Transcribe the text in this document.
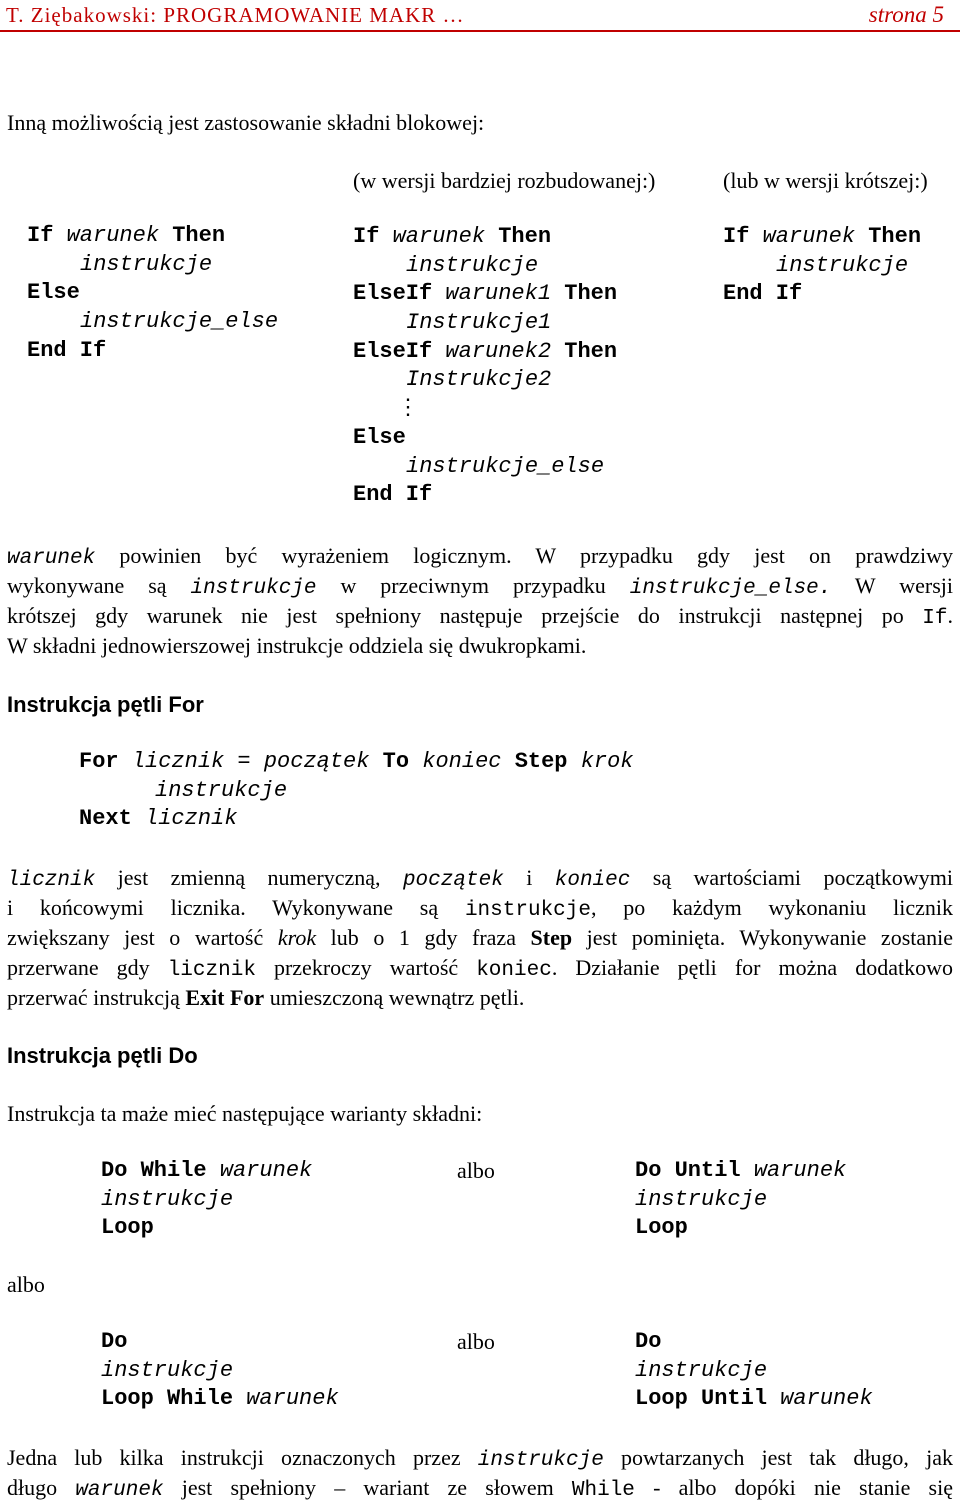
T. Ziębakowski: PROGRAMOWANIE MAKR …	strona 5
Inną możliwością jest zastosowanie składni blokowej:
(w wersji bardziej rozbudowanej:)	(lub w wersji krótszej:)
If warunek Then
instrukcje
Else
instrukcje_else
End If
If warunek Then
instrukcje
ElseIf warunek1 Then
Instrukcje1
ElseIf warunek2 Then
Instrukcje2
⋮
Else
instrukcje_else
End If
If warunek Then
instrukcje
End If
warunek powinien być wyrażeniem logicznym. W przypadku gdy jest on prawdziwy
wykonywane są instrukcje w przeciwnym przypadku instrukcje_else. W wersji
krótszej gdy warunek nie jest spełniony następuje przejście do instrukcji następnej po If.
W składni jednowierszowej instrukcje oddziela się dwukropkami.
Instrukcja pętli For
For licznik = początek To koniec Step krok
instrukcje
Next licznik
licznik jest zmienną numeryczną, początek i koniec są wartościami początkowymi
i końcowymi licznika. Wykonywane są instrukcje, po każdym wykonaniu licznik
zwiększany jest o wartość krok lub o 1 gdy fraza Step jest pominięta. Wykonywanie zostanie
przerwane gdy licznik przekroczy wartość koniec. Działanie pętli for można dodatkowo
przerwać instrukcją Exit For umieszczoną wewnątrz pętli.
Instrukcja pętli Do
Instrukcja ta maże mieć następujące warianty składni:
Do While warunek
instrukcje
Loop
albo	Do Until warunek
instrukcje
Loop
albo
Do
instrukcje
Loop While warunek
albo	Do
instrukcje
Loop Until warunek
Jedna lub kilka instrukcji oznaczonych przez instrukcje powtarzanych jest tak długo, jak
długo warunek jest spełniony – wariant ze słowem While - albo dopóki nie stanie się
